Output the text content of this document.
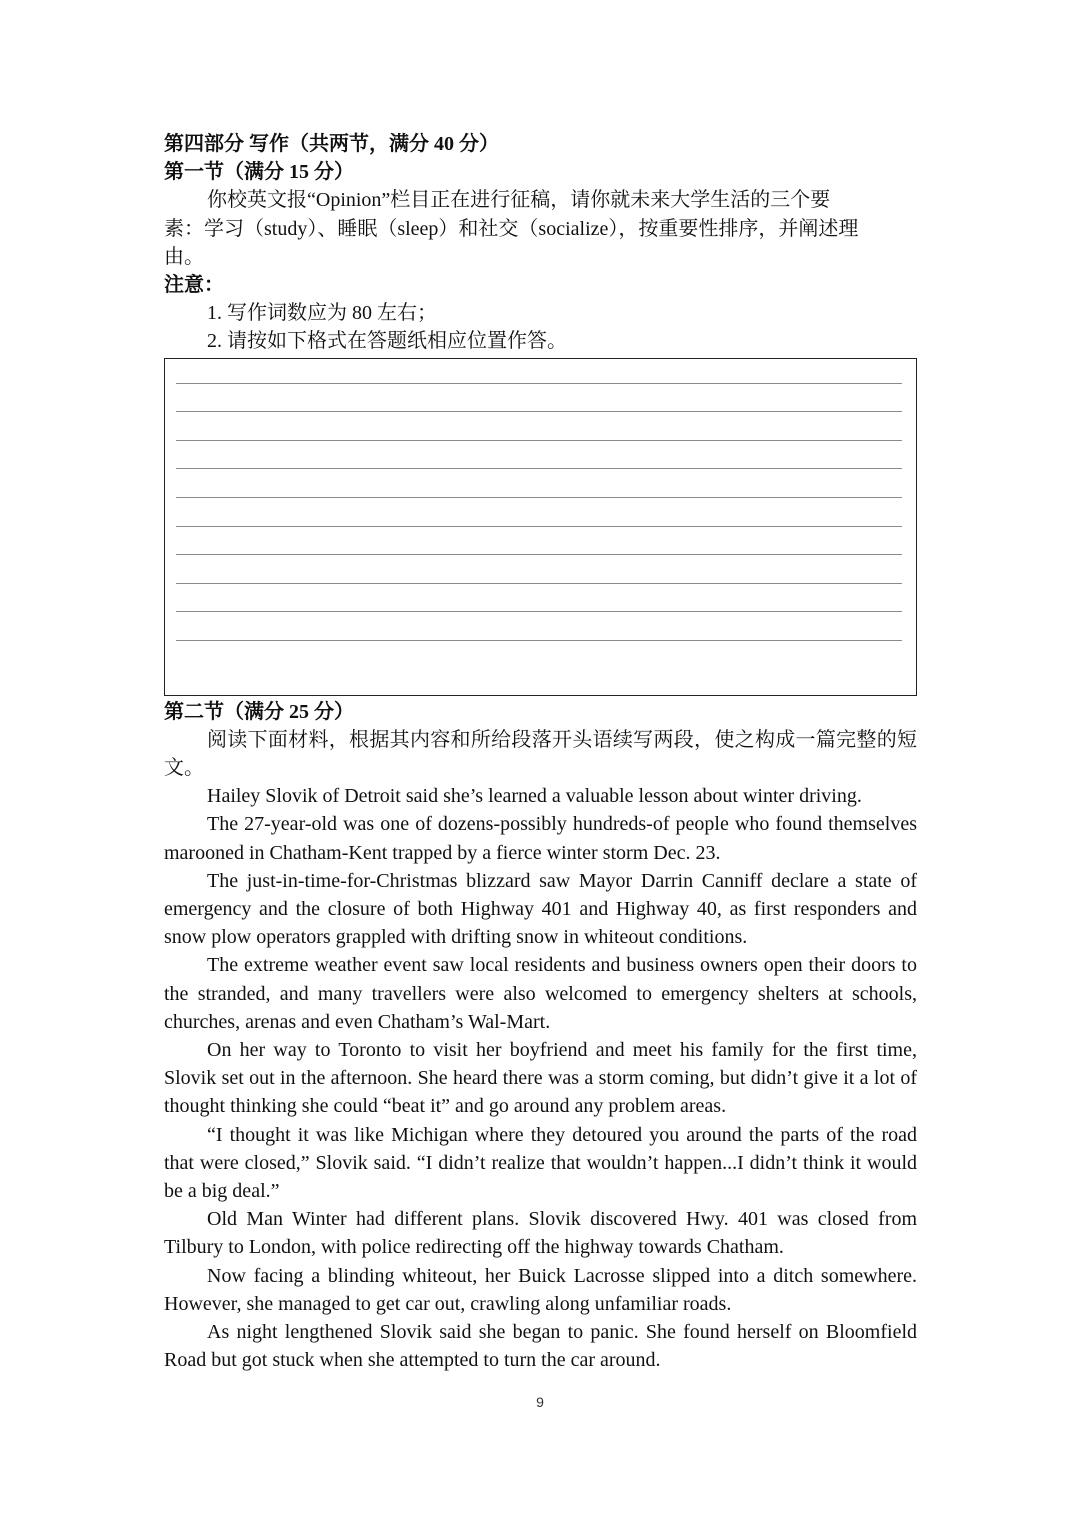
第四部分 写作（共两节，满分 40 分）

第一节（满分 15 分）

你校英文报“Opinion”栏目正在进行征稿，请你就未来大学生活的三个要

素：学习（study）、睡眠（sleep）和社交（socialize），按重要性排序，并阐述理

由。

注意：

1. 写作词数应为 80 左右；

2. 请按如下格式在答题纸相应位置作答。

第二节（满分 25 分）

阅读下面材料，根据其内容和所给段落开头语续写两段，使之构成一篇完整的短文。

Hailey Slovik of Detroit said she’s learned a valuable lesson about winter driving.

The 27-year-old was one of dozens-possibly hundreds-of people who found themselves marooned in Chatham-Kent trapped by a fierce winter storm Dec. 23.

The just-in-time-for-Christmas blizzard saw Mayor Darrin Canniff declare a state of emergency and the closure of both Highway 401 and Highway 40, as first responders and snow plow operators grappled with drifting snow in whiteout conditions.

The extreme weather event saw local residents and business owners open their doors to the stranded, and many travellers were also welcomed to emergency shelters at schools, churches, arenas and even Chatham’s Wal-Mart.

On her way to Toronto to visit her boyfriend and meet his family for the first time, Slovik set out in the afternoon. She heard there was a storm coming, but didn’t give it a lot of thought thinking she could “beat it” and go around any problem areas.

“I thought it was like Michigan where they detoured you around the parts of the road that were closed,” Slovik said. “I didn’t realize that wouldn’t happen...I didn’t think it would be a big deal.”

Old Man Winter had different plans. Slovik discovered Hwy. 401 was closed from Tilbury to London, with police redirecting off the highway towards Chatham.

Now facing a blinding whiteout, her Buick Lacrosse slipped into a ditch somewhere. However, she managed to get car out, crawling along unfamiliar roads.

As night lengthened Slovik said she began to panic. She found herself on Bloomfield Road but got stuck when she attempted to turn the car around.

9
